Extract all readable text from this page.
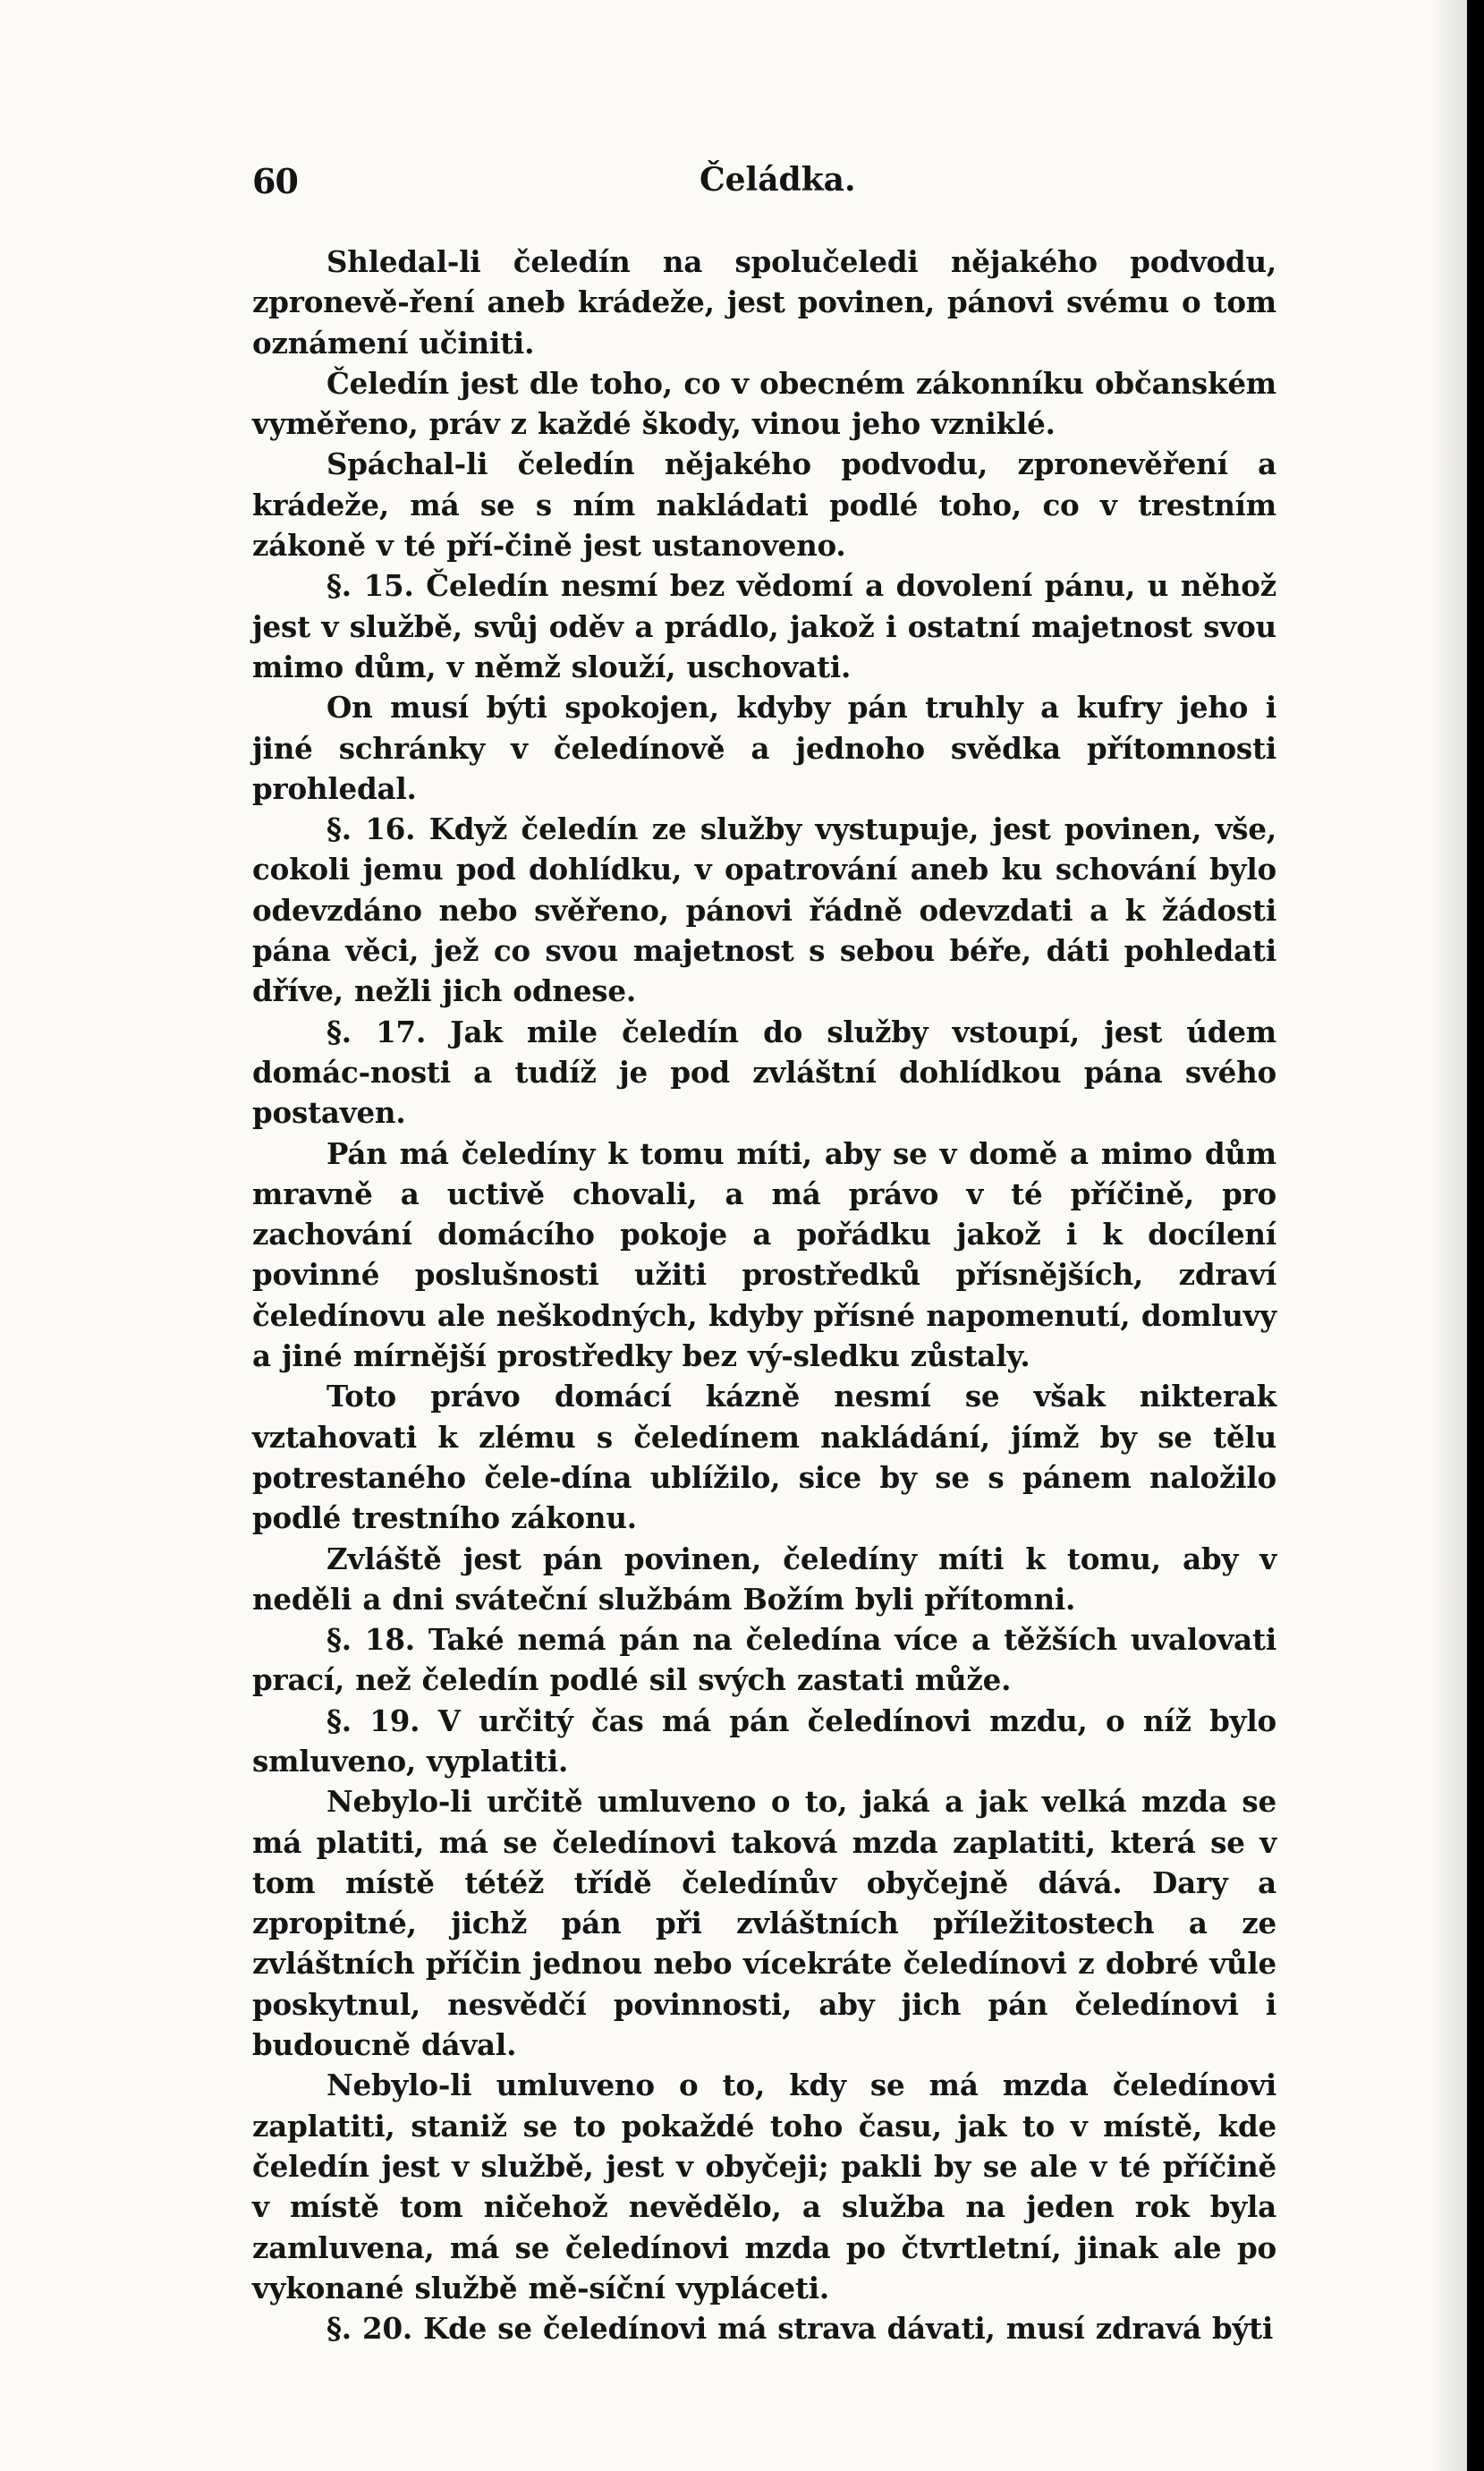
60	Čeládka.

Shledal-li čeledín na spolučeledi nějakého podvodu, zpronevě-ření aneb krádeže, jest povinen, pánovi svému o tom oznámení učiniti.

Čeledín jest dle toho, co v obecném zákonníku občanském vyměřeno, práv z každé škody, vinou jeho vzniklé.

Spáchal-li čeledín nějakého podvodu, zpronevěření a krádeže, má se s ním nakládati podlé toho, co v trestním zákoně v té pří-čině jest ustanoveno.

§. 15. Čeledín nesmí bez vědomí a dovolení pánu, u něhož jest v službě, svůj oděv a prádlo, jakož i ostatní majetnost svou mimo dům, v němž slouží, uschovati.

On musí býti spokojen, kdyby pán truhly a kufry jeho i jiné schránky v čeledínově a jednoho svědka přítomnosti prohledal.

§. 16. Když čeledín ze služby vystupuje, jest povinen, vše, cokoli jemu pod dohlídku, v opatrování aneb ku schování bylo odevzdáno nebo svěřeno, pánovi řádně odevzdati a k žádosti pána věci, jež co svou majetnost s sebou béře, dáti pohledati dříve, nežli jich odnese.

§. 17. Jak mile čeledín do služby vstoupí, jest údem domác-nosti a tudíž je pod zvláštní dohlídkou pána svého postaven.

Pán má čeledíny k tomu míti, aby se v domě a mimo dům mravně a uctivě chovali, a má právo v té příčině, pro zachování domácího pokoje a pořádku jakož i k docílení povinné poslušnosti užiti prostředků přísnějších, zdraví čeledínovu ale neškodných, kdyby přísné napomenutí, domluvy a jiné mírnější prostředky bez vý-sledku zůstaly.

Toto právo domácí kázně nesmí se však nikterak vztahovati k zlému s čeledínem nakládání, jímž by se tělu potrestaného čele-dína ublížilo, sice by se s pánem naložilo podlé trestního zákonu.

Zvláště jest pán povinen, čeledíny míti k tomu, aby v neděli a dni sváteční službám Božím byli přítomni.

§. 18. Také nemá pán na čeledína více a těžších uvalovati prací, než čeledín podlé sil svých zastati může.

§. 19. V určitý čas má pán čeledínovi mzdu, o níž bylo smluveno, vyplatiti.

Nebylo-li určitě umluveno o to, jaká a jak velká mzda se má platiti, má se čeledínovi taková mzda zaplatiti, která se v tom místě tétéž třídě čeledínův obyčejně dává. Dary a zpropitné, jichž pán při zvláštních příležitostech a ze zvláštních příčin jednou nebo vícekráte čeledínovi z dobré vůle poskytnul, nesvědčí povinnosti, aby jich pán čeledínovi i budoucně dával.

Nebylo-li umluveno o to, kdy se má mzda čeledínovi zaplatiti, staniž se to pokaždé toho času, jak to v místě, kde čeledín jest v službě, jest v obyčeji; pakli by se ale v té příčině v místě tom ničehož nevědělo, a služba na jeden rok byla zamluvena, má se čeledínovi mzda po čtvrtletní, jinak ale po vykonané službě mě-síční vypláceti.

§. 20. Kde se čeledínovi má strava dávati, musí zdravá býti
